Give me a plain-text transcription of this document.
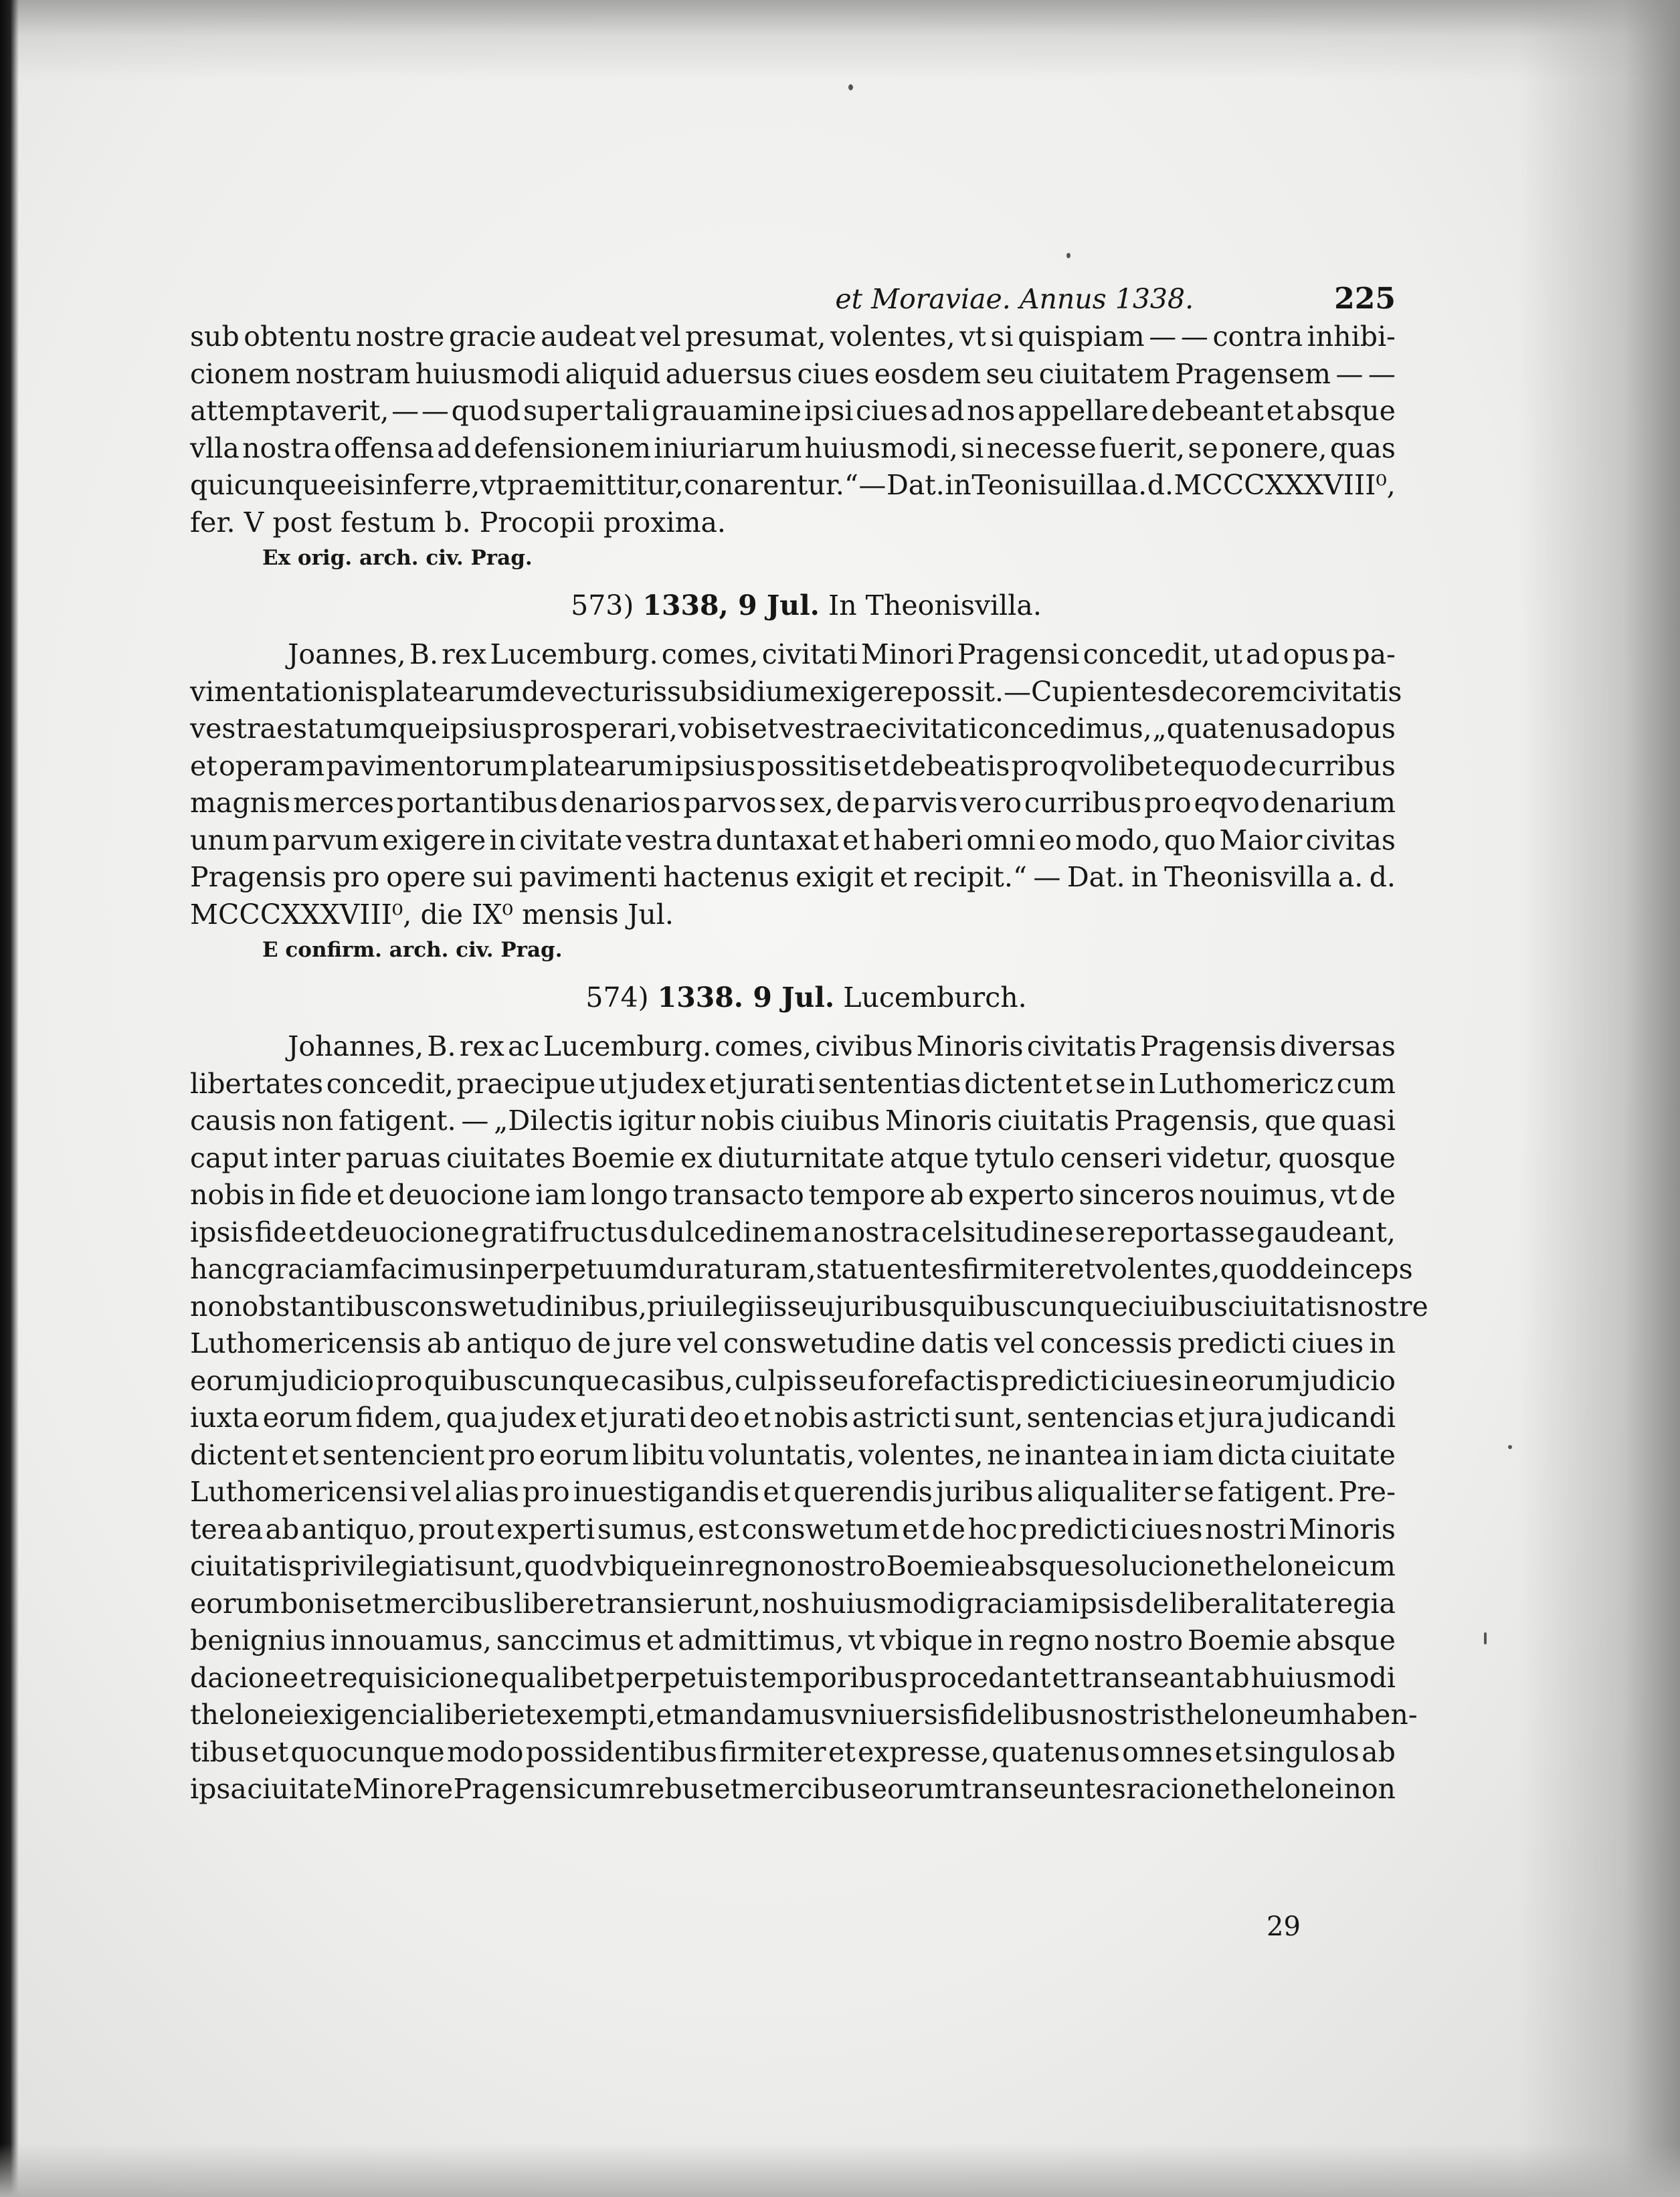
et Moraviae. Annus 1338.	225
sub obtentu nostre gracie audeat vel presumat, volentes, vt si quispiam — — contra inhibi-
cionem nostram huiusmodi aliquid aduersus ciues eosdem seu ciuitatem Pragensem — —
attemptaverit, — — quod super tali grauamine ipsi ciues ad nos appellare debeant et absque
vlla nostra offensa ad defensionem iniuriarum huiusmodi, si necesse fuerit, se ponere, quas
quicunque eis inferre, vt praemittitur, conarentur.“ — Dat. in Teonisuilla a. d. MCCCXXXVIII⁰,
fer. V post festum b. Procopii proxima.
Ex orig. arch. civ. Prag.
573) 1338, 9 Jul. In Theonisvilla.
Joannes, B. rex Lucemburg. comes, civitati Minori Pragensi concedit, ut ad opus pa-
vimentationis platearum de vecturis subsidium exigere possit. — Cupientes decorem civitatis
vestrae statumque ipsius prosperari, vobis et vestrae civitati concedimus, „quatenus ad opus
et operam pavimentorum platearum ipsius possitis et debeatis pro qvolibet equo de curribus
magnis merces portantibus denarios parvos sex, de parvis vero curribus pro eqvo denarium
unum parvum exigere in civitate vestra duntaxat et haberi omni eo modo, quo Maior civitas
Pragensis pro opere sui pavimenti hactenus exigit et recipit.“ — Dat. in Theonisvilla a. d.
MCCCXXXVIII⁰, die IX⁰ mensis Jul.
E confirm. arch. civ. Prag.
574) 1338. 9 Jul. Lucemburch.
Johannes, B. rex ac Lucemburg. comes, civibus Minoris civitatis Pragensis diversas
libertates concedit, praecipue ut judex et jurati sententias dictent et se in Luthomericz cum
causis non fatigent. — „Dilectis igitur nobis ciuibus Minoris ciuitatis Pragensis, que quasi
caput inter paruas ciuitates Boemie ex diuturnitate atque tytulo censeri videtur, quosque
nobis in fide et deuocione iam longo transacto tempore ab experto sinceros nouimus, vt de
ipsis fide et deuocione grati fructus dulcedinem a nostra celsitudine se reportasse gaudeant,
hanc graciam facimus in perpetuum duraturam, statuentes firmiter et volentes, quod deinceps
non obstantibus conswetudinibus, priuilegiis seu juribus quibuscunque ciuibus ciuitatis nostre
Luthomericensis ab antiquo de jure vel conswetudine datis vel concessis predicti ciues in
eorum judicio pro quibuscunque casibus, culpis seu forefactis predicti ciues in eorum judicio
iuxta eorum fidem, qua judex et jurati deo et nobis astricti sunt, sentencias et jura judicandi
dictent et sentencient pro eorum libitu voluntatis, volentes, ne inantea in iam dicta ciuitate
Luthomericensi vel alias pro inuestigandis et querendis juribus aliqualiter se fatigent. Pre-
terea ab antiquo, prout experti sumus, est conswetum et de hoc predicti ciues nostri Minoris
ciuitatis privilegiati sunt, quod vbique in regno nostro Boemie absque solucione thelonei cum
eorum bonis et mercibus libere transierunt, nos huiusmodi graciam ipsis de liberalitate regia
benignius innouamus, sanccimus et admittimus, vt vbique in regno nostro Boemie absque
dacione et requisicione qualibet perpetuis temporibus procedant et transeant ab huiusmodi
thelonei exigencia liberi et exempti, et mandamus vniuersis fidelibus nostris theloneum haben-
tibus et quocunque modo possidentibus firmiter et expresse, quatenus omnes et singulos ab
ipsa ciuitate Minore Pragensi cum rebus et mercibus eorum transeuntes racione thelonei non
29
